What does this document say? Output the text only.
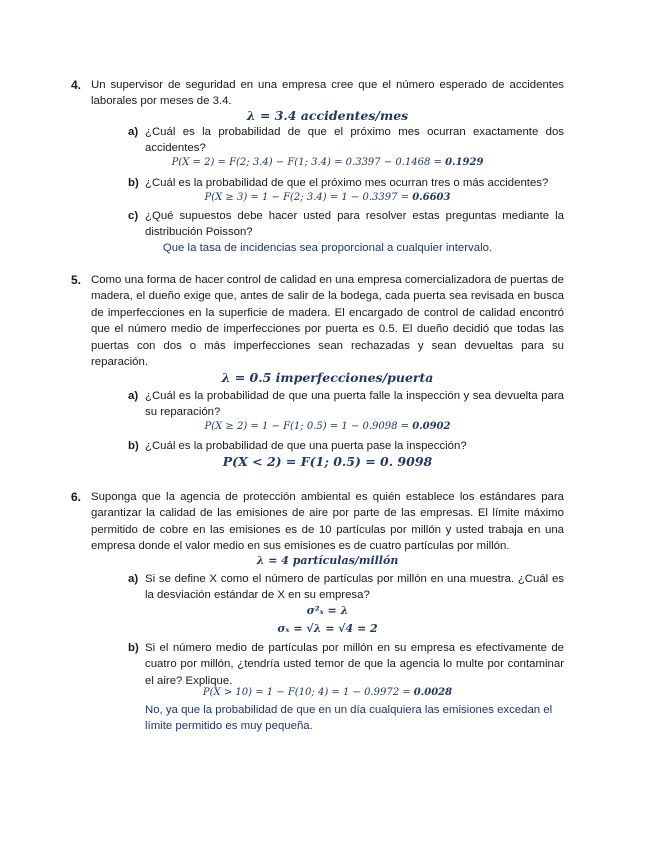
4. Un supervisor de seguridad en una empresa cree que el número esperado de accidentes laborales por meses de 3.4.
λ = 3.4 accidentes/mes
a) ¿Cuál es la probabilidad de que el próximo mes ocurran exactamente dos accidentes?
P(X = 2) = F(2; 3.4) − F(1; 3.4) = 0.3397 − 0.1468 = 0.1929
b) ¿Cuál es la probabilidad de que el próximo mes ocurran tres o más accidentes?
P(X ≥ 3) = 1 − F(2; 3.4) = 1 − 0.3397 = 0.6603
c) ¿Qué supuestos debe hacer usted para resolver estas preguntas mediante la distribución Poisson?
Que la tasa de incidencias sea proporcional a cualquier intervalo.
5. Como una forma de hacer control de calidad en una empresa comercializadora de puertas de madera, el dueño exige que, antes de salir de la bodega, cada puerta sea revisada en busca de imperfecciones en la superficie de madera. El encargado de control de calidad encontró que el número medio de imperfecciones por puerta es 0.5. El dueño decidió que todas las puertas con dos o más imperfecciones sean rechazadas y sean devueltas para su reparación.
λ = 0.5 imperfecciones/puerta
a) ¿Cuál es la probabilidad de que una puerta falle la inspección y sea devuelta para su reparación?
P(X ≥ 2) = 1 − F(1; 0.5) = 1 − 0.9098 = 0.0902
b) ¿Cuál es la probabilidad de que una puerta pase la inspección?
P(X < 2) = F(1; 0.5) = 0. 9098
6. Suponga que la agencia de protección ambiental es quién establece los estándares para garantizar la calidad de las emisiones de aire por parte de las empresas. El límite máximo permitido de cobre en las emisiones es de 10 partículas por millón y usted trabaja en una empresa donde el valor medio en sus emisiones es de cuatro partículas por millón.
λ = 4 partículas/millón
a) Si se define X como el número de partículas por millón en una muestra. ¿Cuál es la desviación estándar de X en su empresa?
σ²ₓ = λ
σₓ = √λ = √4 = 2
b) Si el número medio de partículas por millón en su empresa es efectivamente de cuatro por millón, ¿tendría usted temor de que la agencia lo multe por contaminar el aire? Explique.
P(X > 10) = 1 − F(10; 4) = 1 − 0.9972 = 0.0028
No, ya que la probabilidad de que en un día cualquiera las emisiones excedan el límite permitido es muy pequeña.
